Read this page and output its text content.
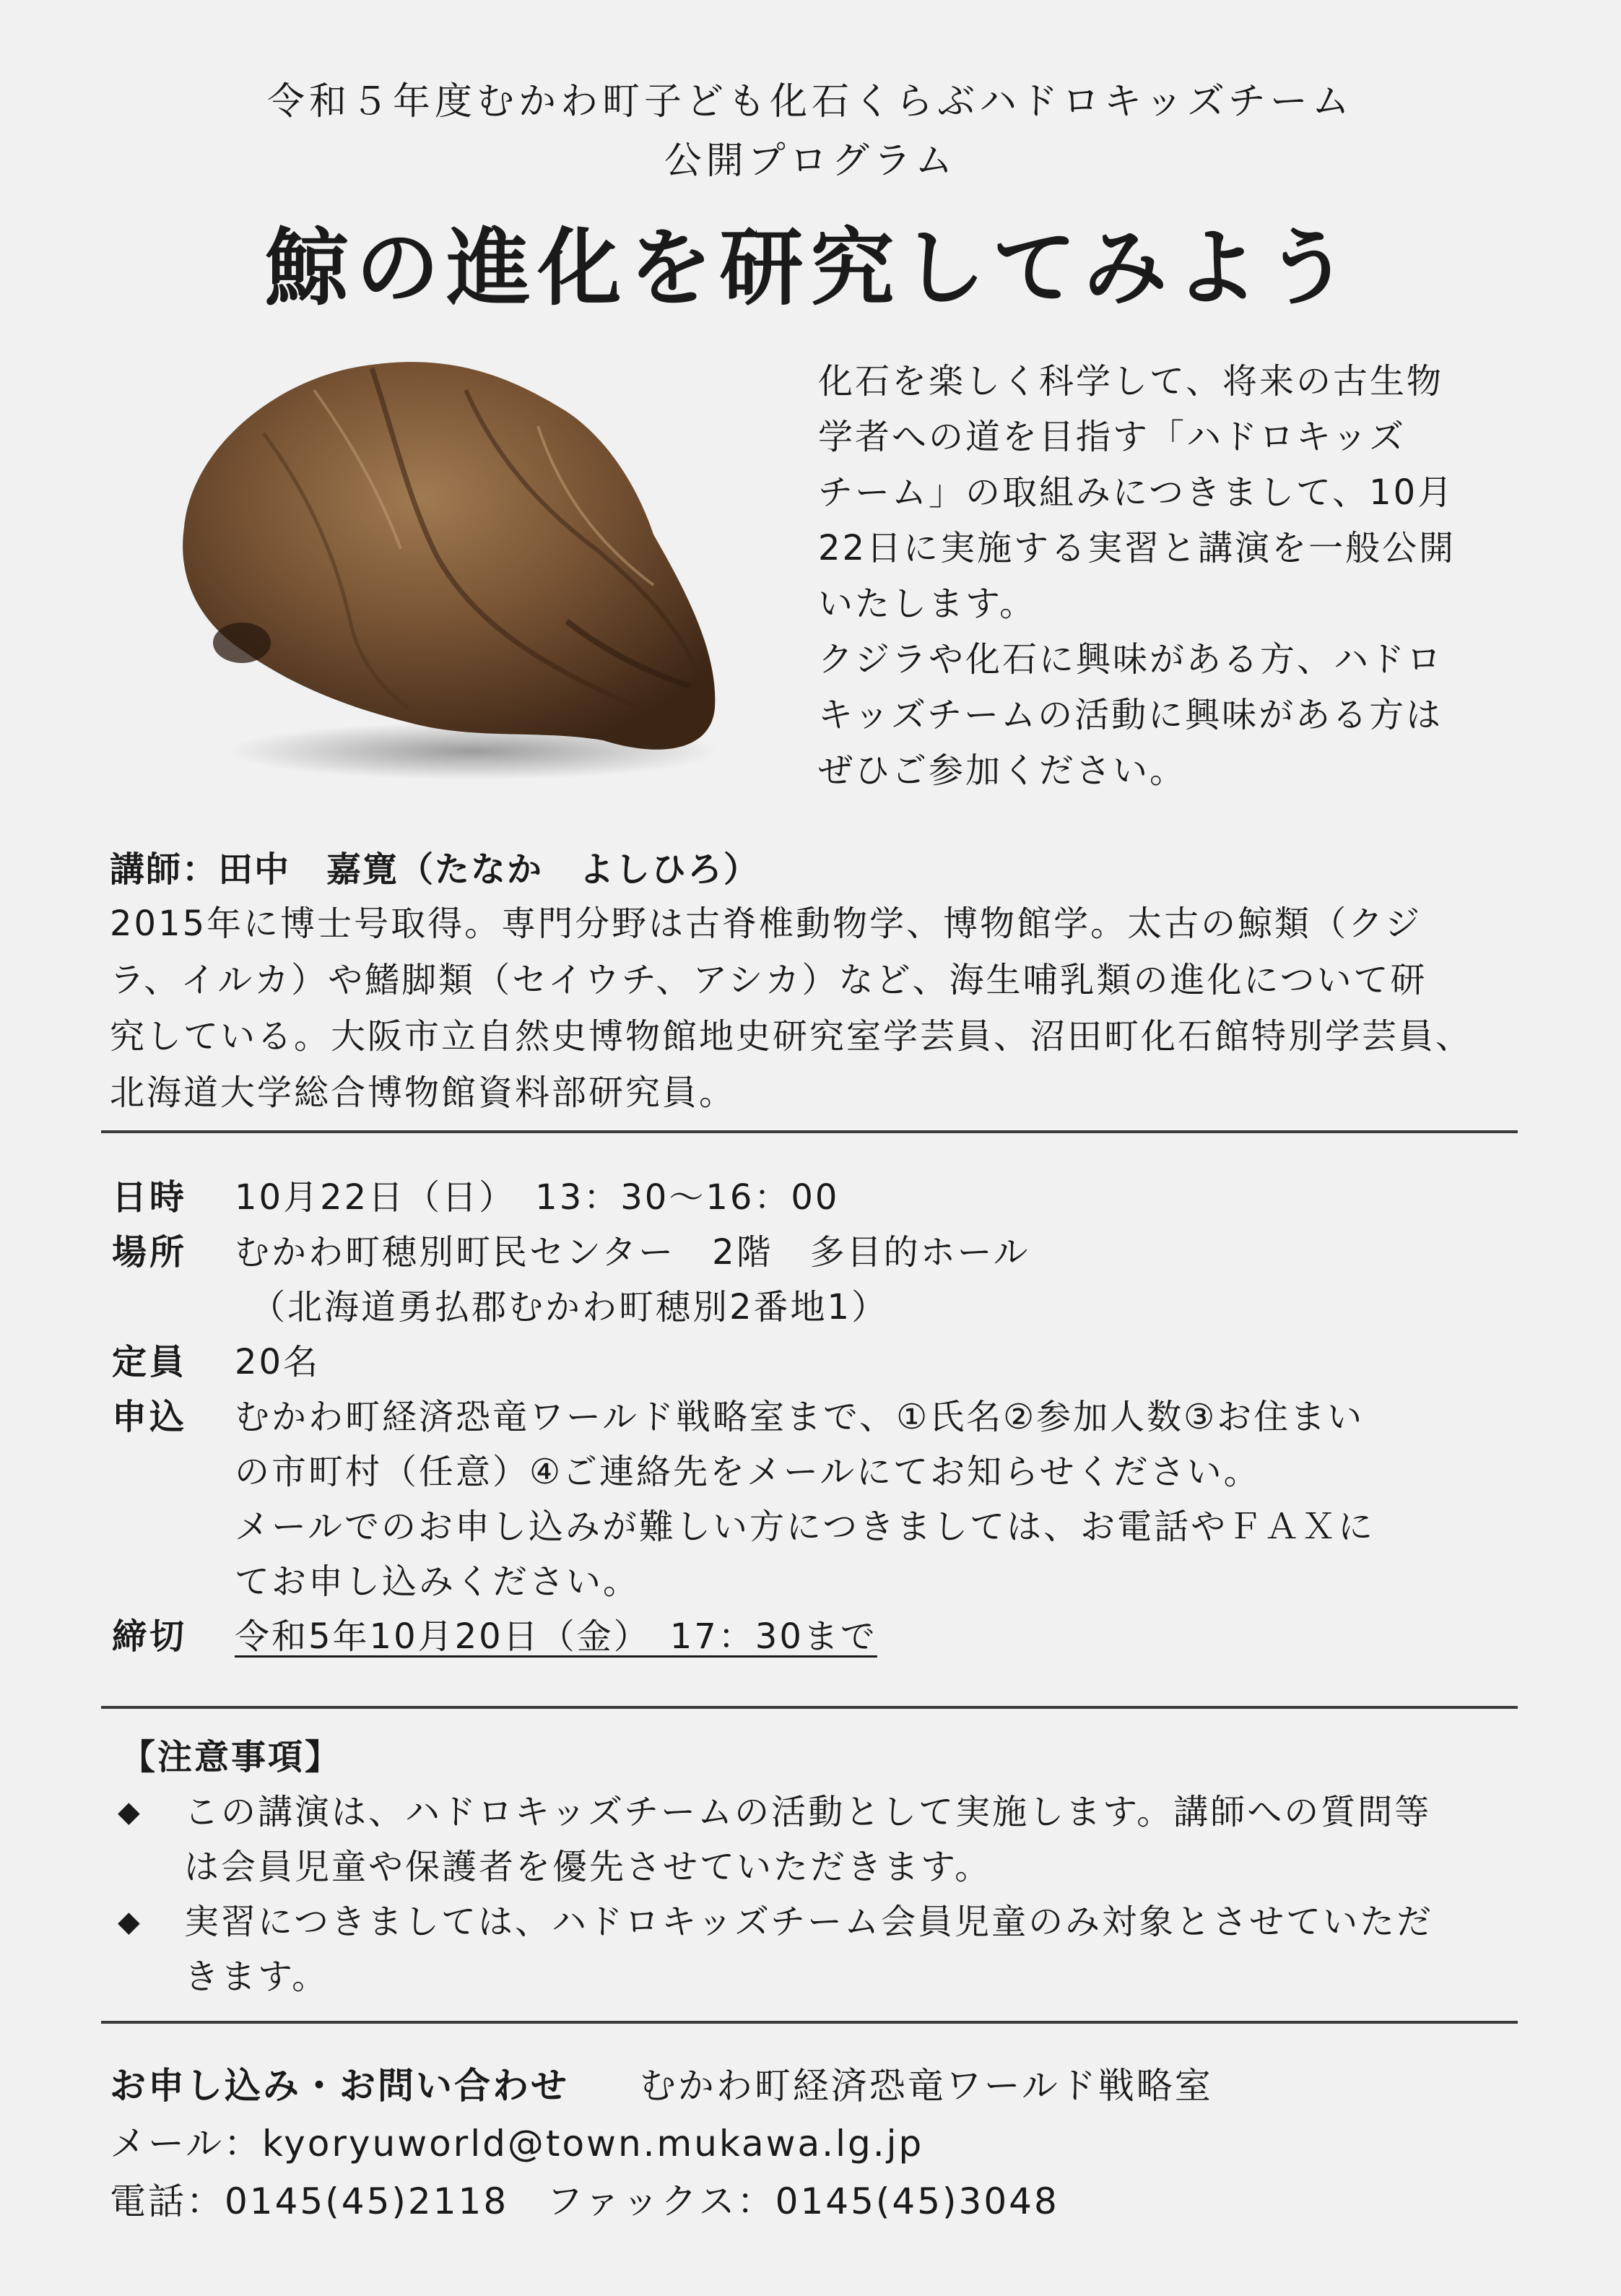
令和５年度むかわ町子ども化石くらぶハドロキッズチーム
公開プログラム
鯨の進化を研究してみよう
化石を楽しく科学して、将来の古生物
学者への道を目指す「ハドロキッズ
チーム」の取組みにつきまして、10月
22日に実施する実習と講演を一般公開
いたします。
クジラや化石に興味がある方、ハドロ
キッズチームの活動に興味がある方は
ぜひご参加ください。
講師：田中　嘉寛（たなか　よしひろ）
2015年に博士号取得。専門分野は古脊椎動物学、博物館学。太古の鯨類（クジ
ラ、イルカ）や鰭脚類（セイウチ、アシカ）など、海生哺乳類の進化について研
究している。大阪市立自然史博物館地史研究室学芸員、沼田町化石館特別学芸員、
北海道大学総合博物館資料部研究員。
日時	10月22日（日）　13：30～16：00
場所	むかわ町穂別町民センター　2階　多目的ホール
（北海道勇払郡むかわ町穂別2番地1）
定員	20名
申込	むかわ町経済恐竜ワールド戦略室まで、①氏名②参加人数③お住まい
の市町村（任意）④ご連絡先をメールにてお知らせください。
メールでのお申し込みが難しい方につきましては、お電話やＦＡＸに
てお申し込みください。
締切	令和5年10月20日（金）　17：30まで
【注意事項】
◆	この講演は、ハドロキッズチームの活動として実施します。講師への質問等
は会員児童や保護者を優先させていただきます。
◆	実習につきましては、ハドロキッズチーム会員児童のみ対象とさせていただ
きます。
お申し込み・お問い合わせ むかわ町経済恐竜ワールド戦略室
メール：kyoryuworld@town.mukawa.lg.jp
電話：0145(45)2118　ファックス：0145(45)3048
